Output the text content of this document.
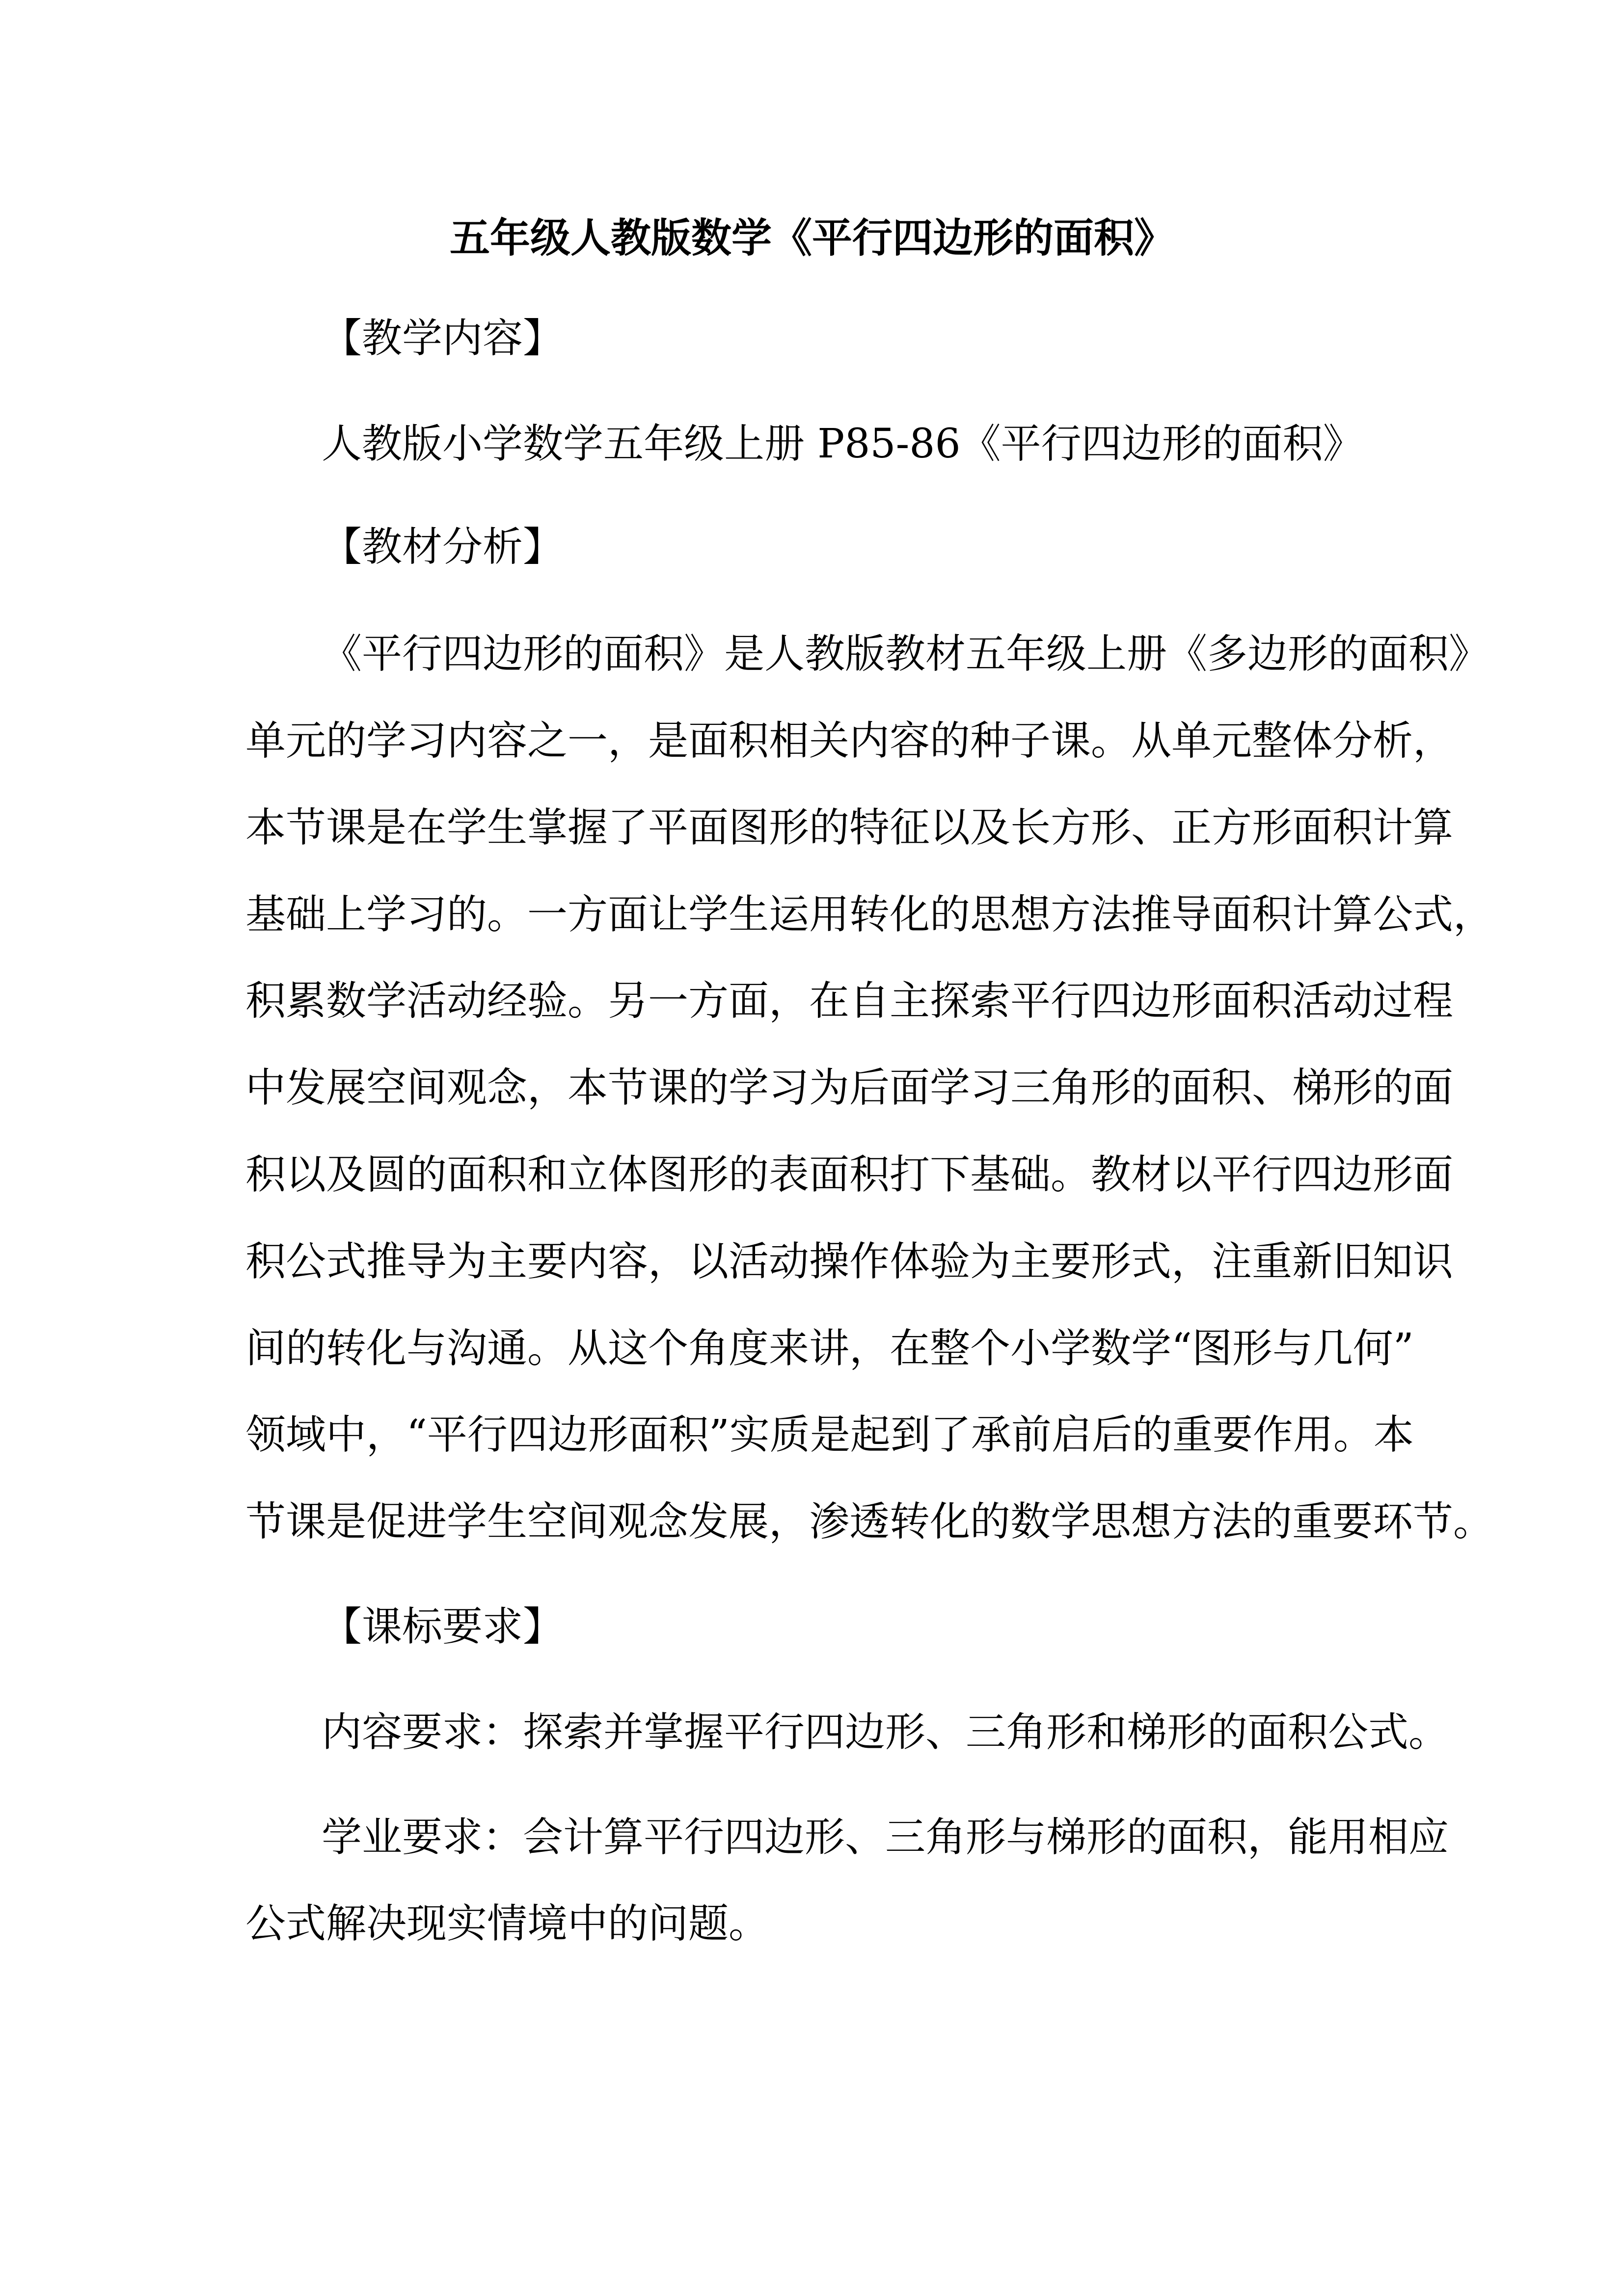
五年级人教版数学《平行四边形的面积》
【教学内容】
人教版小学数学五年级上册 P85-86《平行四边形的面积》
【教材分析】
《平行四边形的面积》是人教版教材五年级上册《多边形的面积》
单元的学习内容之一，是面积相关内容的种子课。从单元整体分析，
本节课是在学生掌握了平面图形的特征以及长方形、正方形面积计算
基础上学习的。一方面让学生运用转化的思想方法推导面积计算公式，
积累数学活动经验。另一方面，在自主探索平行四边形面积活动过程
中发展空间观念，本节课的学习为后面学习三角形的面积、梯形的面
积以及圆的面积和立体图形的表面积打下基础。教材以平行四边形面
积公式推导为主要内容，以活动操作体验为主要形式，注重新旧知识
间的转化与沟通。从这个角度来讲，在整个小学数学“图形与几何”
领域中，“平行四边形面积”实质是起到了承前启后的重要作用。本
节课是促进学生空间观念发展，渗透转化的数学思想方法的重要环节。
【课标要求】
内容要求：探索并掌握平行四边形、三角形和梯形的面积公式。
学业要求：会计算平行四边形、三角形与梯形的面积，能用相应
公式解决现实情境中的问题。
